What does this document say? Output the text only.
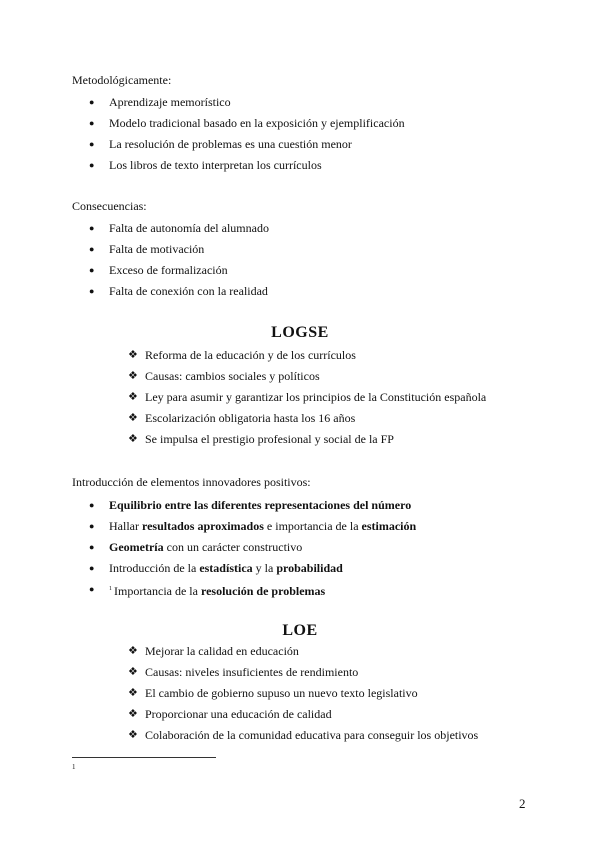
Metodológicamente:

● Aprendizaje memorístico
● Modelo tradicional basado en la exposición y ejemplificación
● La resolución de problemas es una cuestión menor
● Los libros de texto interpretan los currículos

Consecuencias:

● Falta de autonomía del alumnado
● Falta de motivación
● Exceso de formalización
● Falta de conexión con la realidad
LOGSE
❖ Reforma de la educación y de los currículos
❖ Causas: cambios sociales y políticos
❖ Ley para asumir y garantizar los principios de la Constitución española
❖ Escolarización obligatoria hasta los 16 años
❖ Se impulsa el prestigio profesional y social de la FP

Introducción de elementos innovadores positivos:

● Equilibrio entre las diferentes representaciones del número
● Hallar resultados aproximados e importancia de la estimación
● Geometría con un carácter constructivo
● Introducción de la estadística y la probabilidad
● $^1$ Importancia de la resolución de problemas
LOE
❖ Mejorar la calidad en educación
❖ Causas: niveles insuficientes de rendimiento
❖ El cambio de gobierno supuso un nuevo texto legislativo
❖ Proporcionar una educación de calidad
❖ Colaboración de la comunidad educativa para conseguir los objetivos
1
2
